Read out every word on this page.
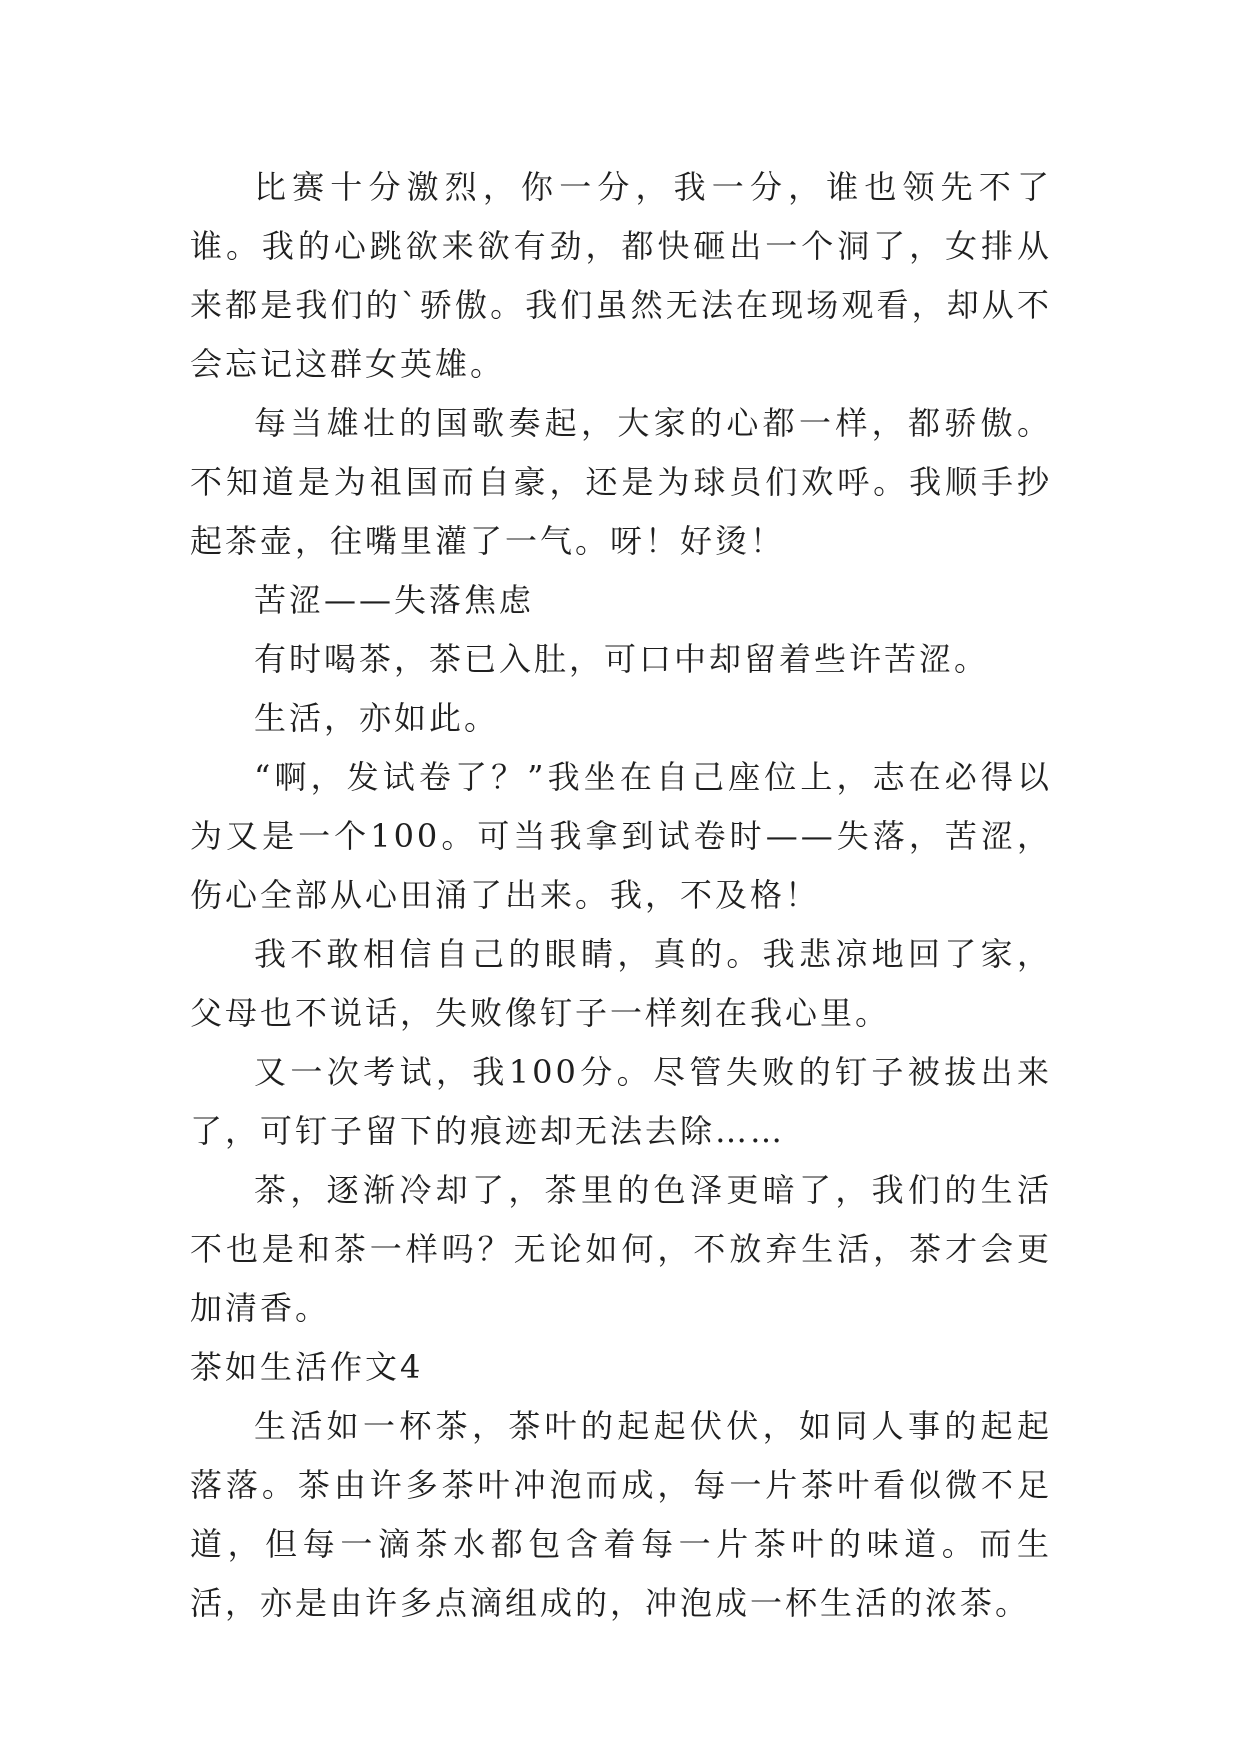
比赛十分激烈，你一分，我一分，谁也领先不了谁。我的心跳欲来欲有劲，都快砸出一个洞了，女排从来都是我们的`骄傲。我们虽然无法在现场观看，却从不会忘记这群女英雄。

每当雄壮的国歌奏起，大家的心都一样，都骄傲。不知道是为祖国而自豪，还是为球员们欢呼。我顺手抄起茶壶，往嘴里灌了一气。呀！好烫！

苦涩——失落焦虑

有时喝茶，茶已入肚，可口中却留着些许苦涩。

生活，亦如此。

“啊，发试卷了？”我坐在自己座位上，志在必得以为又是一个100。可当我拿到试卷时——失落，苦涩，伤心全部从心田涌了出来。我，不及格！

我不敢相信自己的眼睛，真的。我悲凉地回了家，父母也不说话，失败像钉子一样刻在我心里。

又一次考试，我100分。尽管失败的钉子被拔出来了，可钉子留下的痕迹却无法去除……

茶，逐渐冷却了，茶里的色泽更暗了，我们的生活不也是和茶一样吗？无论如何，不放弃生活，茶才会更加清香。

茶如生活作文4

生活如一杯茶，茶叶的起起伏伏，如同人事的起起落落。茶由许多茶叶冲泡而成，每一片茶叶看似微不足道，但每一滴茶水都包含着每一片茶叶的味道。而生活，亦是由许多点滴组成的，冲泡成一杯生活的浓茶。
